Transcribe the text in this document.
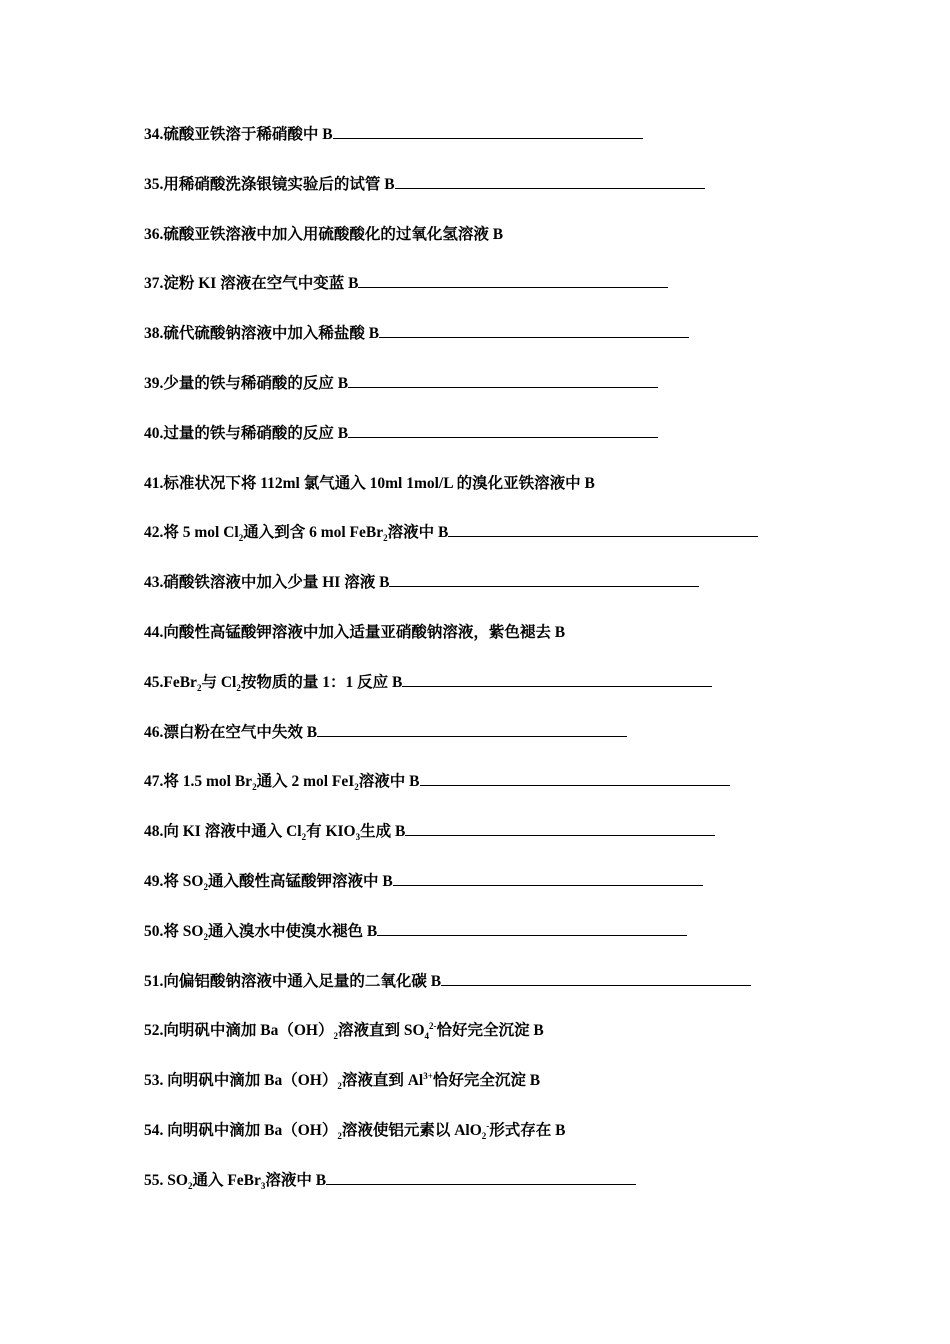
34.硫酸亚铁溶于稀硝酸中 B
35.用稀硝酸洗涤银镜实验后的试管 B
36.硫酸亚铁溶液中加入用硫酸酸化的过氧化氢溶液 B
37.淀粉 KI 溶液在空气中变蓝 B
38.硫代硫酸钠溶液中加入稀盐酸 B
39.少量的铁与稀硝酸的反应 B
40.过量的铁与稀硝酸的反应 B
41.标准状况下将 112ml 氯气通入 10ml 1mol/L 的溴化亚铁溶液中 B
42.将 5 mol $Cl_2$通入到含 6 mol FeBr$_2$溶液中 B
43.硝酸铁溶液中加入少量 HI 溶液 B
44.向酸性高锰酸钾溶液中加入适量亚硝酸钠溶液，紫色褪去 B
45.FeBr$_2$与 $Cl_2$按物质的量 1：1 反应 B
46.漂白粉在空气中失效 B
47.将 1.5 mol $Br_2$通入 2 mol FeI$_2$溶液中 B
48.向 KI 溶液中通入 $Cl_2$有 $KIO_3$生成 B
49.将 $SO_2$通入酸性高锰酸钾溶液中 B
50.将 $SO_2$通入溴水中使溴水褪色 B
51.向偏铝酸钠溶液中通入足量的二氧化碳 B
52.向明矾中滴加 $Ba(OH)_2$溶液直到 $SO_4^{2-}$恰好完全沉淀 B
53. 向明矾中滴加 $Ba(OH)_2$溶液直到 $Al^{3+}$恰好完全沉淀 B
54. 向明矾中滴加 $Ba(OH)_2$溶液使铝元素以 AlO$_2$-形式存在 B
55. $SO_2$通入 FeBr$_3$溶液中 B
